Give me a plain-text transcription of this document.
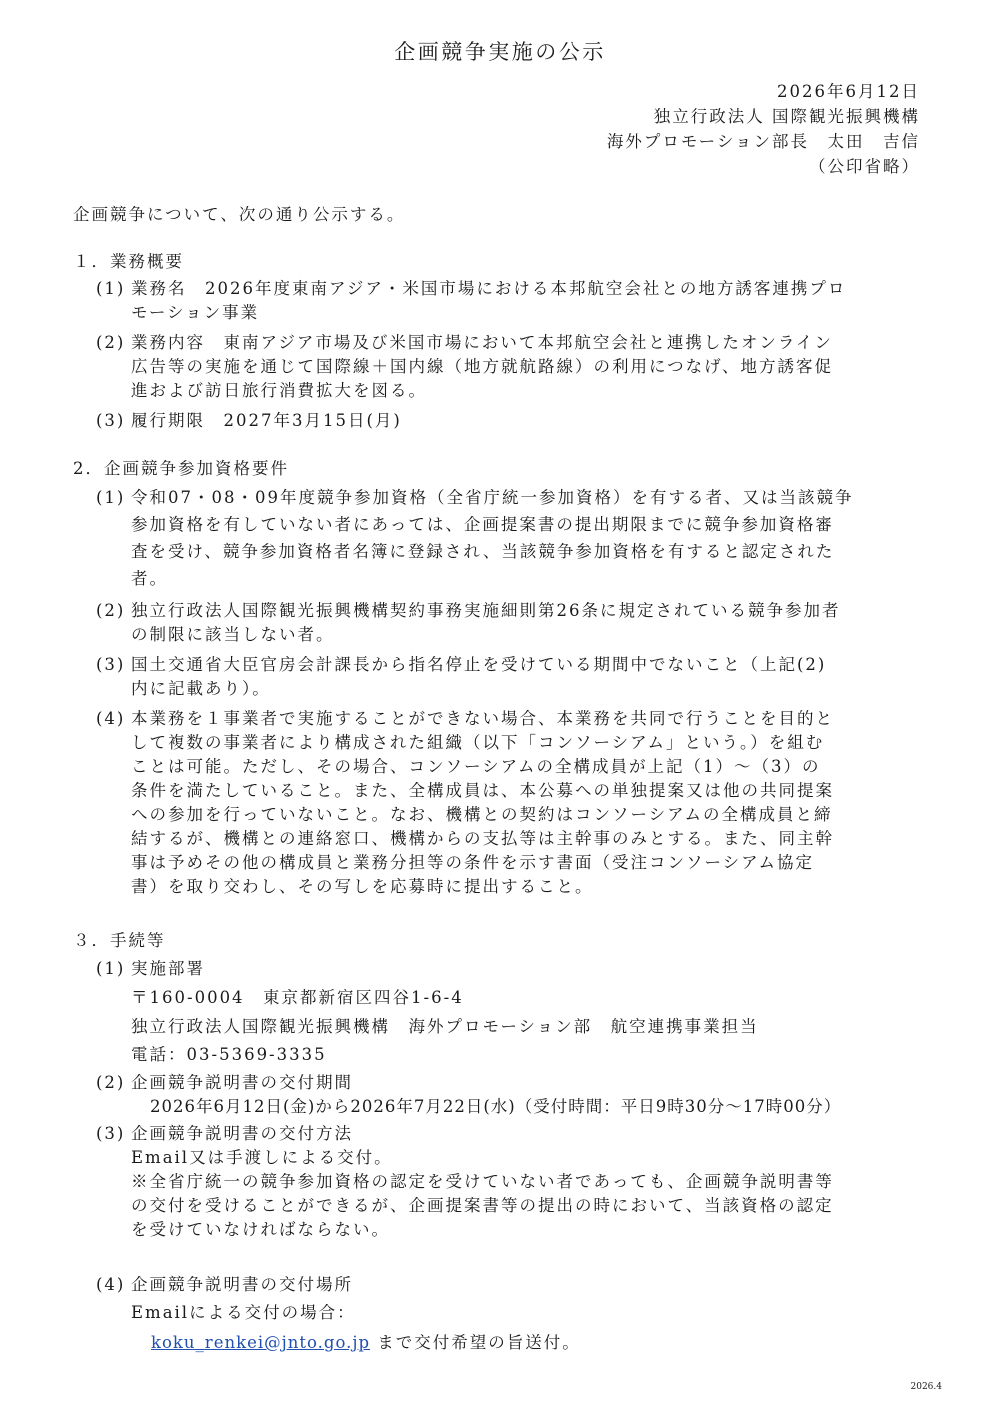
企画競争実施の公示
2026年6月12日
独立行政法人 国際観光振興機構
海外プロモーション部長　太田　吉信
（公印省略）
企画競争について、次の通り公示する。
１．業務概要
(1) 業務名　2026年度東南アジア・米国市場における本邦航空会社との地方誘客連携プロ
モーション事業
(2) 業務内容　東南アジア市場及び米国市場において本邦航空会社と連携したオンライン
広告等の実施を通じて国際線＋国内線（地方就航路線）の利用につなげ、地方誘客促
進および訪日旅行消費拡大を図る。
(3) 履行期限　2027年3月15日(月)
2．企画競争参加資格要件
(1) 令和07・08・09年度競争参加資格（全省庁統一参加資格）を有する者、又は当該競争
参加資格を有していない者にあっては、企画提案書の提出期限までに競争参加資格審
査を受け、競争参加資格者名簿に登録され、当該競争参加資格を有すると認定された
者。
(2) 独立行政法人国際観光振興機構契約事務実施細則第26条に規定されている競争参加者
の制限に該当しない者。
(3) 国土交通省大臣官房会計課長から指名停止を受けている期間中でないこと（上記(2)
内に記載あり）。
(4) 本業務を１事業者で実施することができない場合、本業務を共同で行うことを目的と
して複数の事業者により構成された組織（以下「コンソーシアム」という。）を組む
ことは可能。ただし、その場合、コンソーシアムの全構成員が上記（1）～（3）の
条件を満たしていること。また、全構成員は、本公募への単独提案又は他の共同提案
への参加を行っていないこと。なお、機構との契約はコンソーシアムの全構成員と締
結するが、機構との連絡窓口、機構からの支払等は主幹事のみとする。また、同主幹
事は予めその他の構成員と業務分担等の条件を示す書面（受注コンソーシアム協定
書）を取り交わし、その写しを応募時に提出すること。
３．手続等
(1) 実施部署
〒160-0004　東京都新宿区四谷1-6-4
独立行政法人国際観光振興機構　海外プロモーション部　航空連携事業担当
電話：03-5369-3335
(2) 企画競争説明書の交付期間
2026年6月12日(金)から2026年7月22日(水)（受付時間：平日9時30分～17時00分）
(3) 企画競争説明書の交付方法
Email又は手渡しによる交付。
※全省庁統一の競争参加資格の認定を受けていない者であっても、企画競争説明書等
の交付を受けることができるが、企画提案書等の提出の時において、当該資格の認定
を受けていなければならない。
(4) 企画競争説明書の交付場所
Emailによる交付の場合：
koku_renkei@jnto.go.jp まで交付希望の旨送付。
2026.4
